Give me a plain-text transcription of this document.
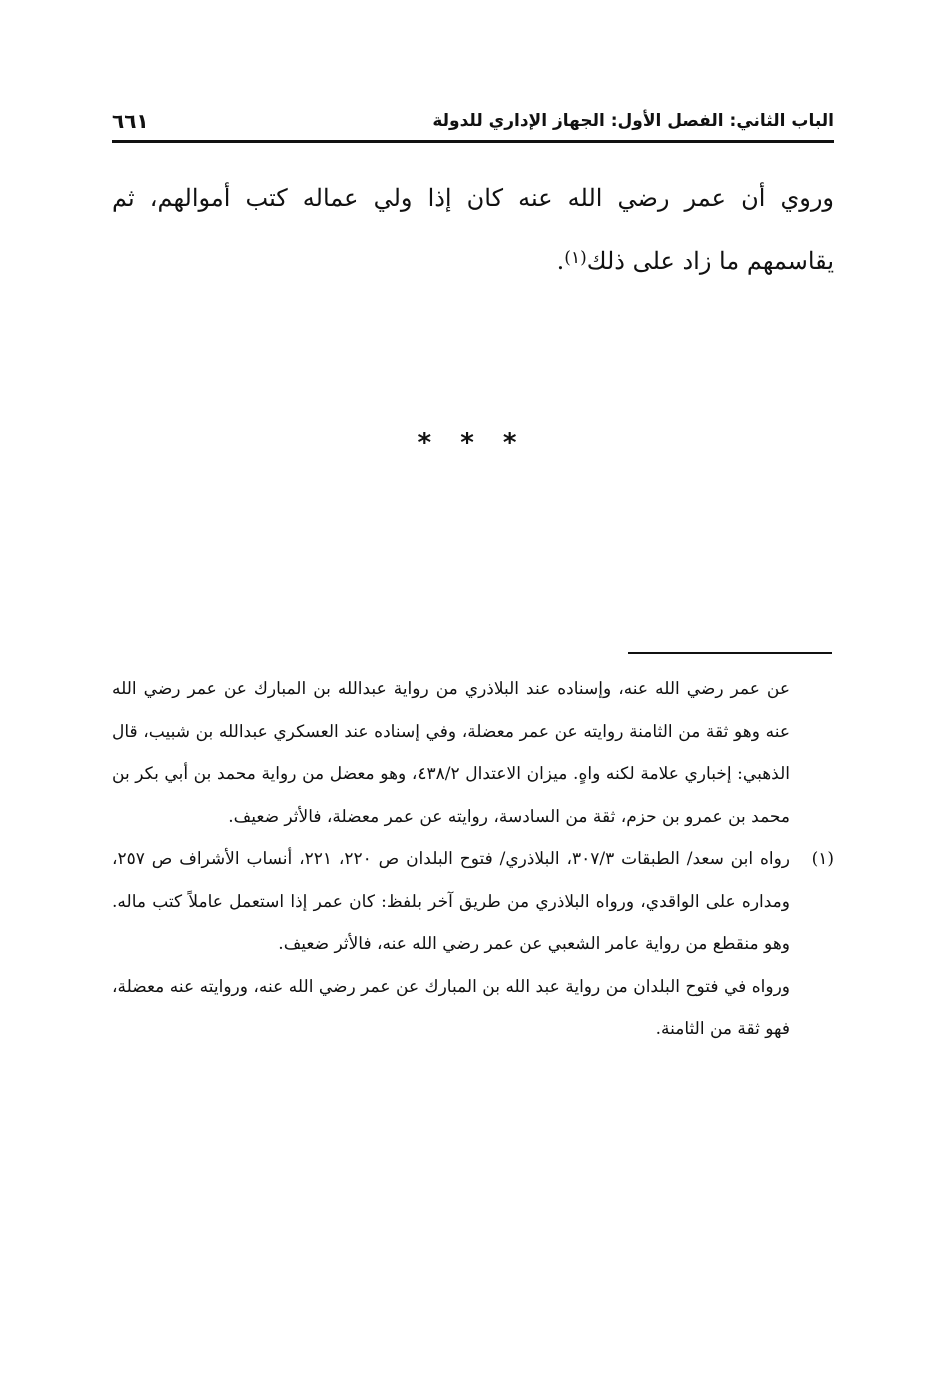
الباب الثاني: الفصل الأول: الجهاز الإداري للدولة
٦٦١

وروي أن عمر رضي الله عنه كان إذا ولي عماله كتب أموالهم، ثم يقاسمهم ما زاد على ذلك$^{(١)}$.

* * *

عن عمر رضي الله عنه، وإسناده عند البلاذري من رواية عبدالله بن المبارك عن عمر رضي الله عنه وهو ثقة من الثامنة روايته عن عمر معضلة، وفي إسناده عند العسكري عبدالله بن شبيب، قال الذهبي: إخباري علامة لكنه واهٍ. ميزان الاعتدال ٤٣٨/٢، وهو معضل من رواية محمد بن أبي بكر بن محمد بن عمرو بن حزم، ثقة من السادسة، روايته عن عمر معضلة، فالأثر ضعيف.

(١)

رواه ابن سعد/ الطبقات ٣٠٧/٣، البلاذري/ فتوح البلدان ص ٢٢٠، ٢٢١، أنساب الأشراف ص ٢٥٧، ومداره على الواقدي، ورواه البلاذري من طريق آخر بلفظ: كان عمر إذا استعمل عاملاً كتب ماله. وهو منقطع من رواية عامر الشعبي عن عمر رضي الله عنه، فالأثر ضعيف.

ورواه في فتوح البلدان من رواية عبد الله بن المبارك عن عمر رضي الله عنه، وروايته عنه معضلة، فهو ثقة من الثامنة.
